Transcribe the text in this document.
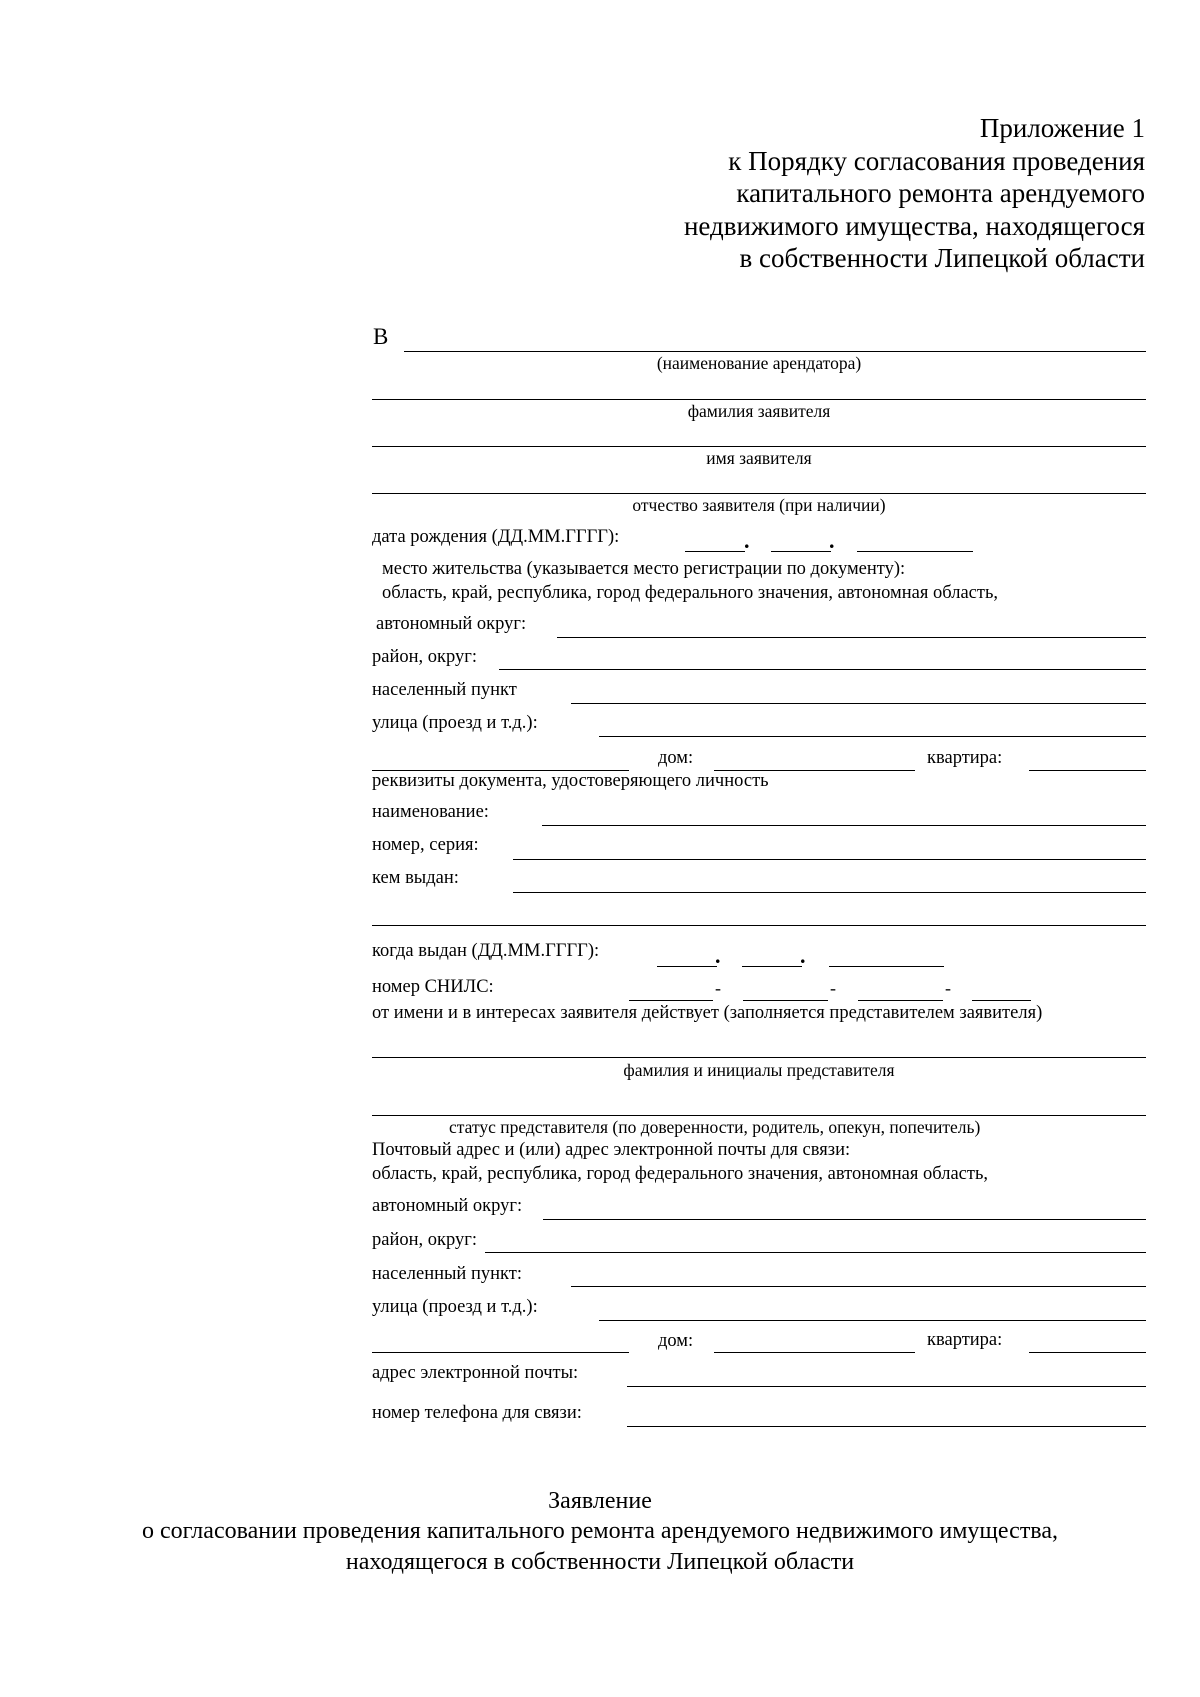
Приложение 1
к Порядку согласования проведения
капитального ремонта арендуемого
недвижимого имущества, находящегося
в собственности Липецкой области
В
(наименование арендатора)
фамилия заявителя
имя заявителя
отчество заявителя (при наличии)
дата рождения (ДД.ММ.ГГГГ):	.	.
место жительства (указывается место регистрации по документу):
область, край, республика, город федерального значения, автономная область,
автономный округ:
район, округ:
населенный пункт
улица (проезд и т.д.):
дом:	квартира:
реквизиты документа, удостоверяющего личность
наименование:
номер, серия:
кем выдан:
когда выдан (ДД.ММ.ГГГГ):	.	.
номер СНИЛС:	-	-	-
от имени и в интересах заявителя действует (заполняется представителем заявителя)
фамилия и инициалы представителя
статус представителя (по доверенности, родитель, опекун, попечитель)
Почтовый адрес и (или) адрес электронной почты для связи:
область, край, республика, город федерального значения, автономная область,
автономный округ:
район, округ:
населенный пункт:
улица (проезд и т.д.):
дом:	квартира:
адрес электронной почты:
номер телефона для связи:
Заявление
о согласовании проведения капитального ремонта арендуемого недвижимого имущества,
находящегося в собственности Липецкой области
